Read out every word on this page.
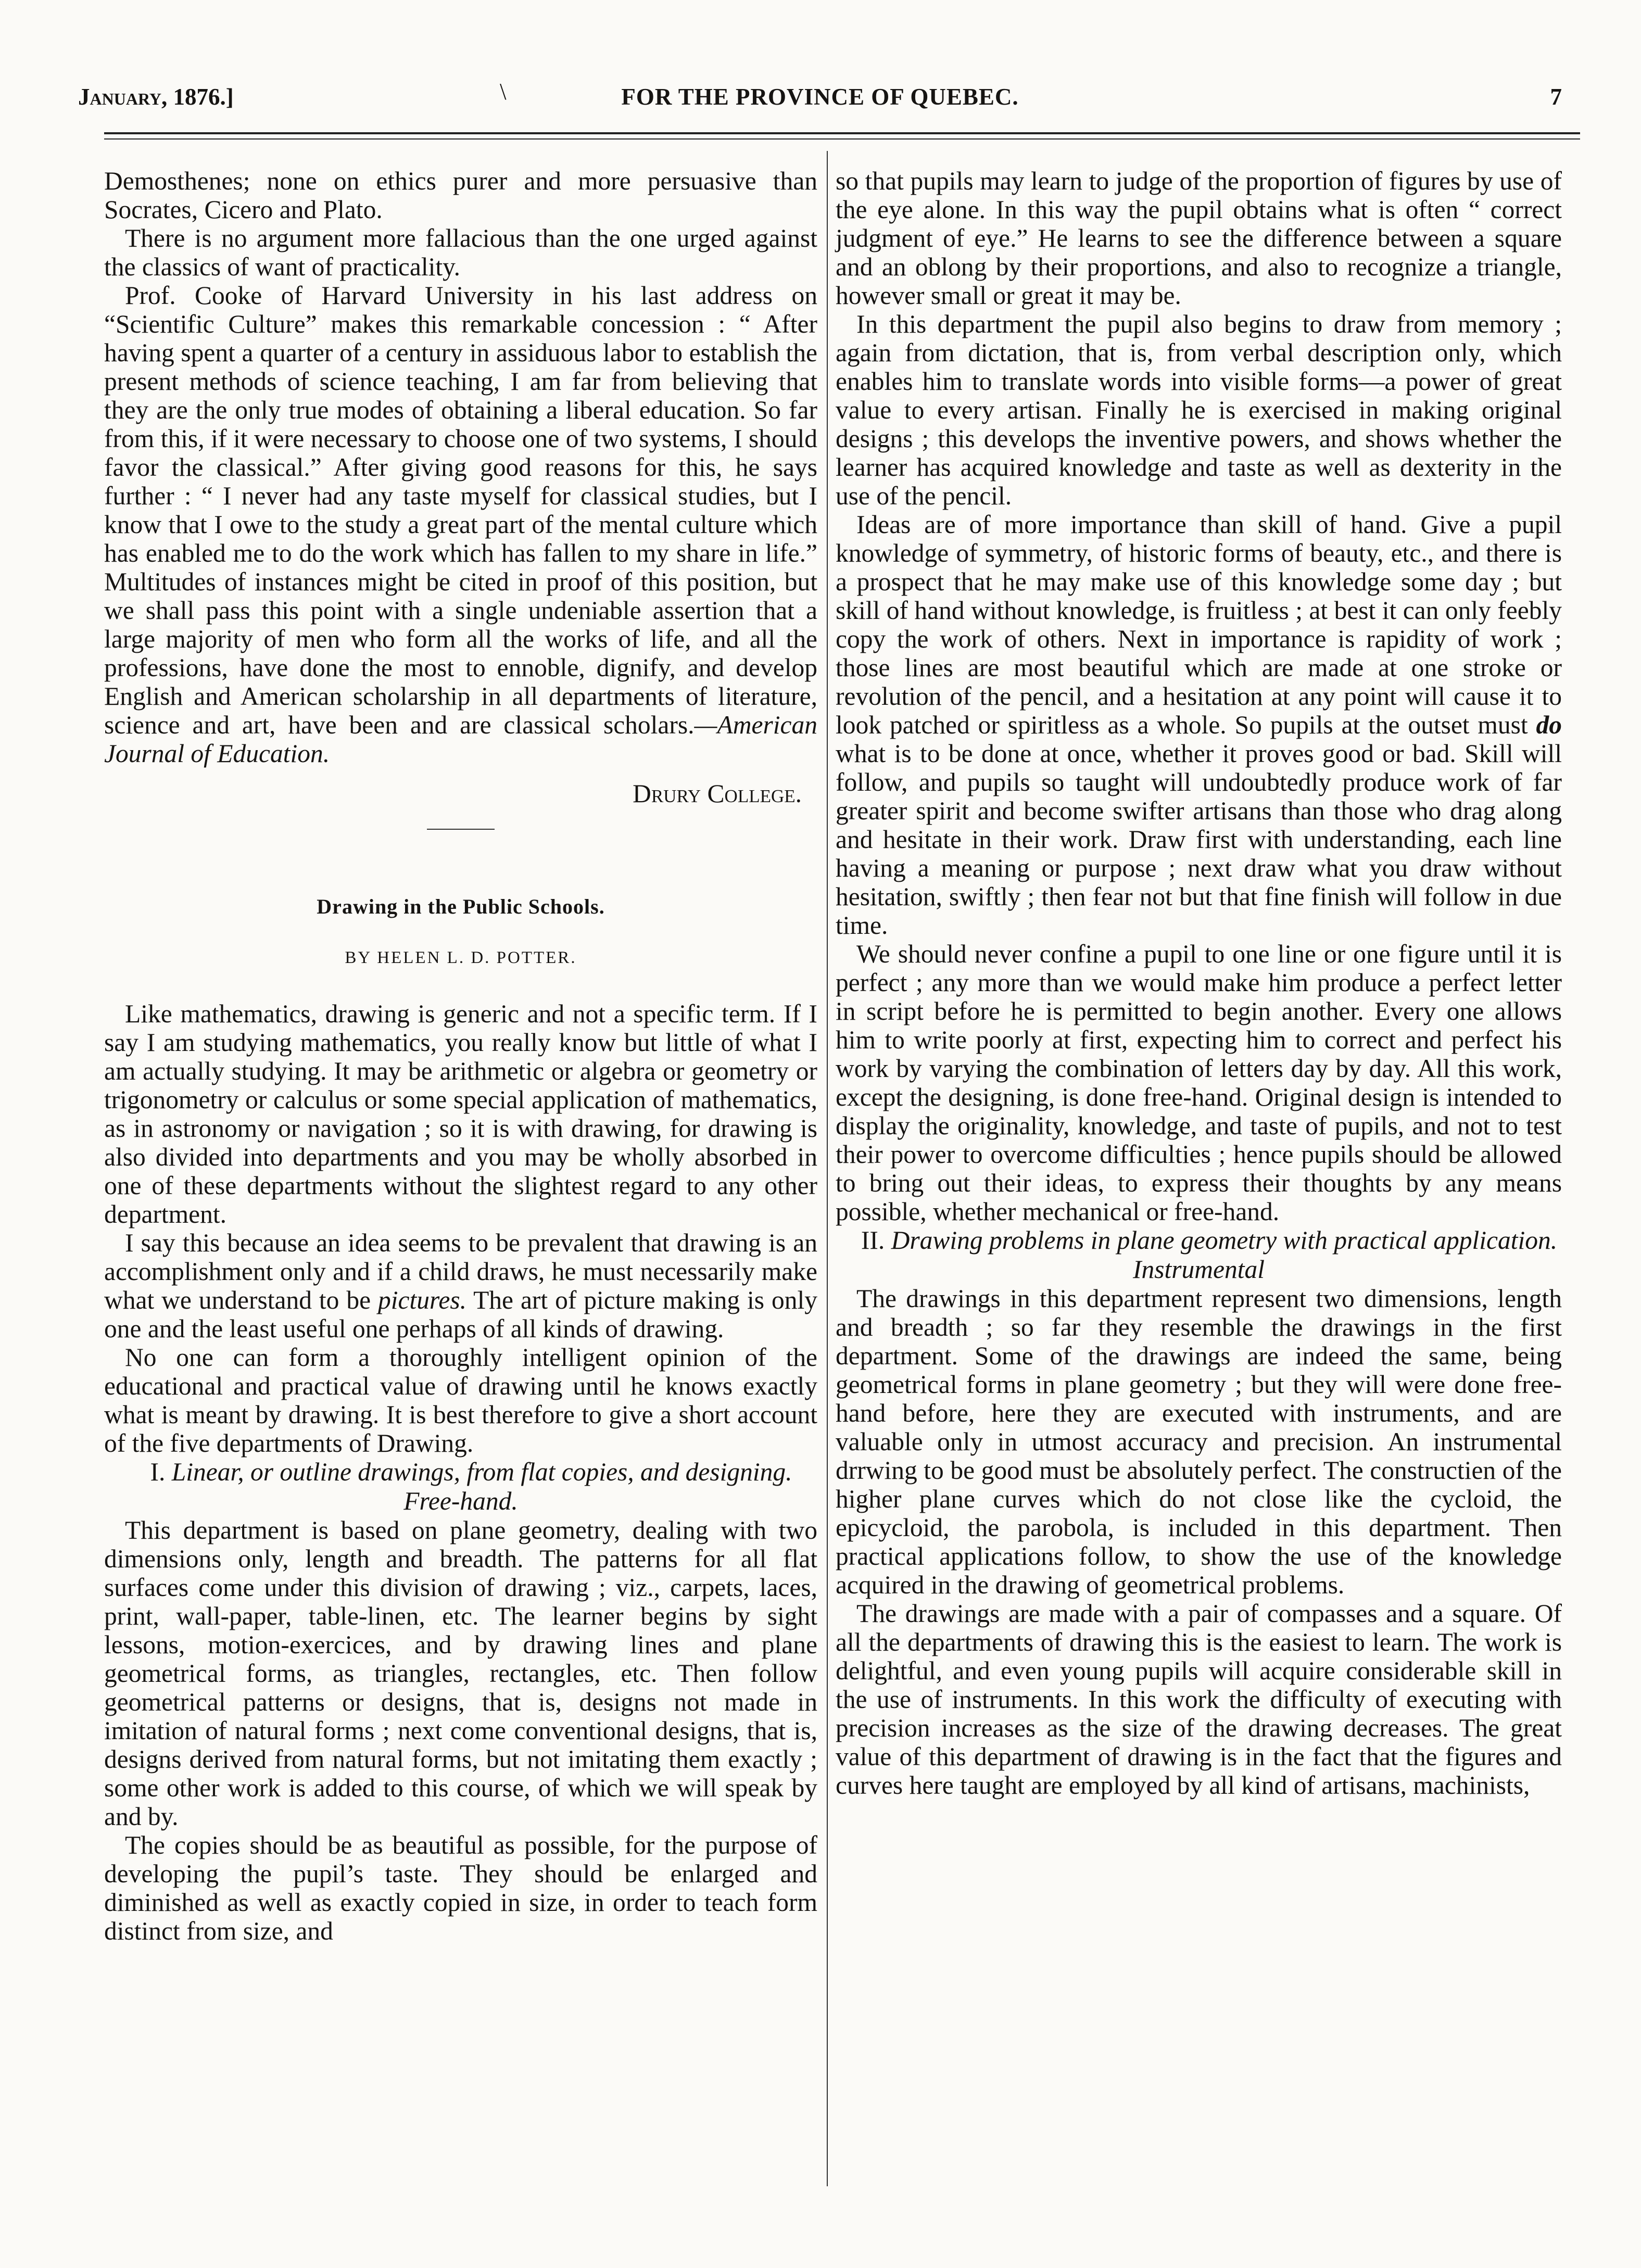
January, 1876.]	\	FOR THE PROVINCE OF QUEBEC.	7

Demosthenes; none on ethics purer and more persuasive than Socrates, Cicero and Plato.

There is no argument more fallacious than the one urged against the classics of want of practicality.

Prof. Cooke of Harvard University in his last address on “Scientific Culture” makes this remarkable concession : “ After having spent a quarter of a century in assiduous labor to establish the present methods of science teaching, I am far from believing that they are the only true modes of obtaining a liberal education. So far from this, if it were necessary to choose one of two systems, I should favor the classical.” After giving good reasons for this, he says further : “ I never had any taste myself for classical studies, but I know that I owe to the study a great part of the mental culture which has enabled me to do the work which has fallen to my share in life.” Multitudes of instances might be cited in proof of this position, but we shall pass this point with a single undeniable assertion that a large majority of men who form all the works of life, and all the professions, have done the most to ennoble, dignify, and develop English and American scholarship in all departments of literature, science and art, have been and are classical scholars.—American Journal of Education.

Drury College.
Drawing in the Public Schools.
BY HELEN L. D. POTTER.

Like mathematics, drawing is generic and not a specific term. If I say I am studying mathematics, you really know but little of what I am actually studying. It may be arithmetic or algebra or geometry or trigonometry or calculus or some special application of mathematics, as in astronomy or navigation ; so it is with drawing, for drawing is also divided into departments and you may be wholly absorbed in one of these departments without the slightest regard to any other department.

I say this because an idea seems to be prevalent that drawing is an accomplishment only and if a child draws, he must necessarily make what we understand to be pictures. The art of picture making is only one and the least useful one perhaps of all kinds of drawing.

No one can form a thoroughly intelligent opinion of the educational and practical value of drawing until he knows exactly what is meant by drawing. It is best therefore to give a short account of the five departments of Drawing.

I. Linear, or outline drawings, from flat copies, and designing. Free-hand.

This department is based on plane geometry, dealing with two dimensions only, length and breadth. The patterns for all flat surfaces come under this division of drawing ; viz., carpets, laces, print, wall-paper, table-linen, etc. The learner begins by sight lessons, motion-exercices, and by drawing lines and plane geometrical forms, as triangles, rectangles, etc. Then follow geometrical patterns or designs, that is, designs not made in imitation of natural forms ; next come conventional designs, that is, designs derived from natural forms, but not imitating them exactly ; some other work is added to this course, of which we will speak by and by.

The copies should be as beautiful as possible, for the purpose of developing the pupil’s taste. They should be enlarged and diminished as well as exactly copied in size, in order to teach form distinct from size, and

so that pupils may learn to judge of the proportion of figures by use of the eye alone. In this way the pupil obtains what is often “ correct judgment of eye.” He learns to see the difference between a square and an oblong by their proportions, and also to recognize a triangle, however small or great it may be.

In this department the pupil also begins to draw from memory ; again from dictation, that is, from verbal description only, which enables him to translate words into visible forms—a power of great value to every artisan. Finally he is exercised in making original designs ; this develops the inventive powers, and shows whether the learner has acquired knowledge and taste as well as dexterity in the use of the pencil.

Ideas are of more importance than skill of hand. Give a pupil knowledge of symmetry, of historic forms of beauty, etc., and there is a prospect that he may make use of this knowledge some day ; but skill of hand without knowledge, is fruitless ; at best it can only feebly copy the work of others. Next in importance is rapidity of work ; those lines are most beautiful which are made at one stroke or revolution of the pencil, and a hesitation at any point will cause it to look patched or spiritless as a whole. So pupils at the outset must do what is to be done at once, whether it proves good or bad. Skill will follow, and pupils so taught will undoubtedly produce work of far greater spirit and become swifter artisans than those who drag along and hesitate in their work. Draw first with understanding, each line having a meaning or purpose ; next draw what you draw without hesitation, swiftly ; then fear not but that fine finish will follow in due time.

We should never confine a pupil to one line or one figure until it is perfect ; any more than we would make him produce a perfect letter in script before he is permitted to begin another. Every one allows him to write poorly at first, expecting him to correct and perfect his work by varying the combination of letters day by day. All this work, except the designing, is done free-hand. Original design is intended to display the originality, knowledge, and taste of pupils, and not to test their power to overcome difficulties ; hence pupils should be allowed to bring out their ideas, to express their thoughts by any means possible, whether mechanical or free-hand.

II. Drawing problems in plane geometry with practical application. Instrumental

The drawings in this department represent two dimensions, length and breadth ; so far they resemble the drawings in the first department. Some of the drawings are indeed the same, being geometrical forms in plane geometry ; but they will were done free-hand before, here they are executed with instruments, and are valuable only in utmost accuracy and precision. An instrumental drrwing to be good must be absolutely perfect. The constructien of the higher plane curves which do not close like the cycloid, the epicycloid, the parobola, is included in this department. Then practical applications follow, to show the use of the knowledge acquired in the drawing of geometrical problems.

The drawings are made with a pair of compasses and a square. Of all the departments of drawing this is the easiest to learn. The work is delightful, and even young pupils will acquire considerable skill in the use of instruments. In this work the difficulty of executing with precision increases as the size of the drawing decreases. The great value of this department of drawing is in the fact that the figures and curves here taught are employed by all kind of artisans, machinists,
